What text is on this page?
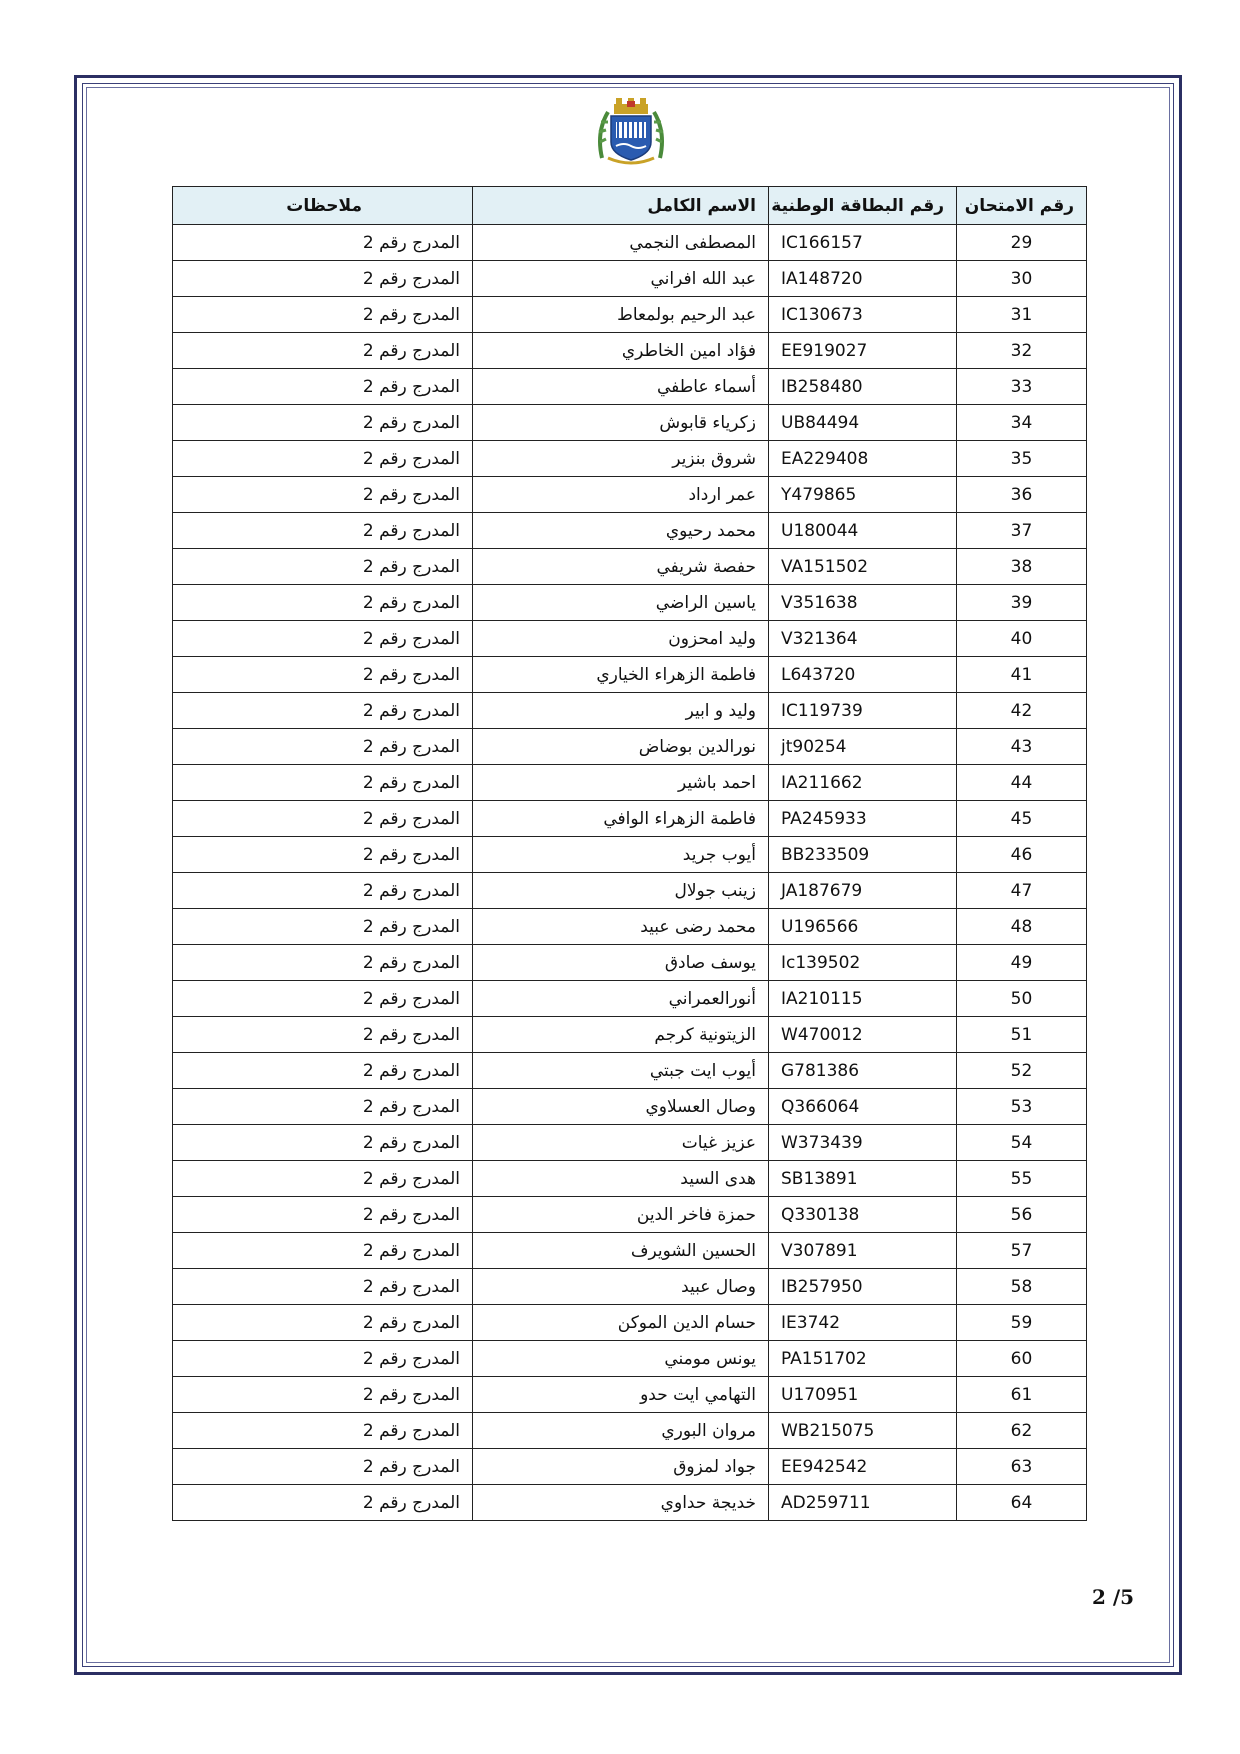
رقم الامتحان	رقم البطاقة الوطنية	الاسم الكامل	ملاحظات
29	IC166157	المصطفى النجمي	المدرج رقم 2
30	IA148720	عبد الله افراني	المدرج رقم 2
31	IC130673	عبد الرحيم بولمعاط	المدرج رقم 2
32	EE919027	فؤاد امين الخاطري	المدرج رقم 2
33	IB258480	أسماء عاطفي	المدرج رقم 2
34	UB84494	زكرياء قابوش	المدرج رقم 2
35	EA229408	شروق بنزير	المدرج رقم 2
36	Y479865	عمر ارداد	المدرج رقم 2
37	U180044	محمد رحيوي	المدرج رقم 2
38	VA151502	حفصة شريفي	المدرج رقم 2
39	V351638	ياسين الراضي	المدرج رقم 2
40	V321364	وليد امحزون	المدرج رقم 2
41	L643720	فاطمة الزهراء الخياري	المدرج رقم 2
42	IC119739	وليد و ابير	المدرج رقم 2
43	jt90254	نورالدين بوضاض	المدرج رقم 2
44	IA211662	احمد باشير	المدرج رقم 2
45	PA245933	فاطمة الزهراء الوافي	المدرج رقم 2
46	BB233509	أيوب جريد	المدرج رقم 2
47	JA187679	زينب جولال	المدرج رقم 2
48	U196566	محمد رضى عبيد	المدرج رقم 2
49	Ic139502	يوسف صادق	المدرج رقم 2
50	IA210115	أنورالعمراني	المدرج رقم 2
51	W470012	الزيتونية كرجم	المدرج رقم 2
52	G781386	أيوب ايت جبتي	المدرج رقم 2
53	Q366064	وصال العسلاوي	المدرج رقم 2
54	W373439	عزيز غيات	المدرج رقم 2
55	SB13891	هدى السيد	المدرج رقم 2
56	Q330138	حمزة فاخر الدين	المدرج رقم 2
57	V307891	الحسين الشويرف	المدرج رقم 2
58	IB257950	وصال عبيد	المدرج رقم 2
59	IE3742	حسام الدين الموكن	المدرج رقم 2
60	PA151702	يونس مومني	المدرج رقم 2
61	U170951	التهامي ايت حدو	المدرج رقم 2
62	WB215075	مروان البوري	المدرج رقم 2
63	EE942542	جواد لمزوق	المدرج رقم 2
64	AD259711	خديجة حداوي	المدرج رقم 2
2 /5
